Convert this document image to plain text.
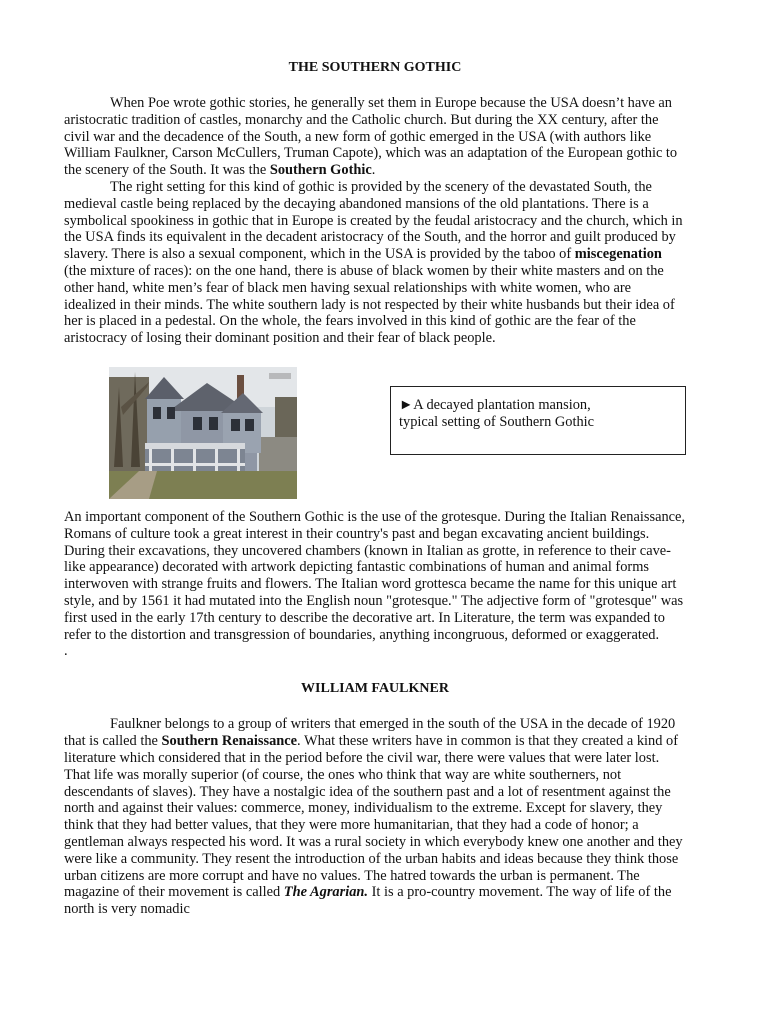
THE SOUTHERN GOTHIC

When Poe wrote gothic stories, he generally set them in Europe because the USA doesn’t have an aristocratic tradition of castles, monarchy and the Catholic church. But during the XX century, after the civil war and the decadence of the South, a new form of gothic emerged in the USA (with authors like William Faulkner, Carson McCullers, Truman Capote), which was an adaptation of the European gothic to the scenery of the South. It was the Southern Gothic.

The right setting for this kind of gothic is provided by the scenery of the devastated South, the medieval castle being replaced by the decaying abandoned mansions of the old plantations. There is a symbolical spookiness in gothic that in Europe is created by the feudal aristocracy and the church, which in the USA finds its equivalent in the decadent aristocracy of the South, and the horror and guilt produced by slavery. There is also a sexual component, which in the USA is provided by the taboo of miscegenation (the mixture of races): on the one hand, there is abuse of black women by their white masters and on the other hand, white men’s fear of black men having sexual relationships with white women, who are idealized in their minds. The white southern lady is not respected by their white husbands but their idea of her is placed in a pedestal. On the whole, the fears involved in this kind of gothic are the fear of the aristocracy of losing their dominant position and their fear of black people.

►A decayed plantation mansion,
typical setting of Southern Gothic

An important component of the Southern Gothic is the use of the grotesque. During the Italian Renaissance, Romans of culture took a great interest in their country's past and began excavating ancient buildings. During their excavations, they uncovered chambers (known in Italian as grotte, in reference to their cave-like appearance) decorated with artwork depicting fantastic combinations of human and animal forms interwoven with strange fruits and flowers. The Italian word grottesca became the name for this unique art style, and by 1561 it had mutated into the English noun "grotesque." The adjective form of "grotesque" was first used in the early 17th century to describe the decorative art. In Literature, the term was expanded to refer to the distortion and transgression of boundaries, anything incongruous, deformed or exaggerated.

.

WILLIAM FAULKNER

Faulkner belongs to a group of writers that emerged in the south of the USA in the decade of 1920 that is called the Southern Renaissance. What these writers have in common is that they created a kind of literature which considered that in the period before the civil war, there were values that were later lost. That life was morally superior (of course, the ones who think that way are white southerners, not descendants of slaves). They have a nostalgic idea of the southern past and a lot of resentment against the north and against their values: commerce, money, individualism to the extreme. Except for slavery, they think that they had better values, that they were more humanitarian, that they had a code of honor; a gentleman always respected his word. It was a rural society in which everybody knew one another and they were like a community. They resent the introduction of the urban habits and ideas because they think those urban citizens are more corrupt and have no values. The hatred towards the urban is permanent. The magazine of their movement is called The Agrarian. It is a pro-country movement. The way of life of the north is very nomadic
